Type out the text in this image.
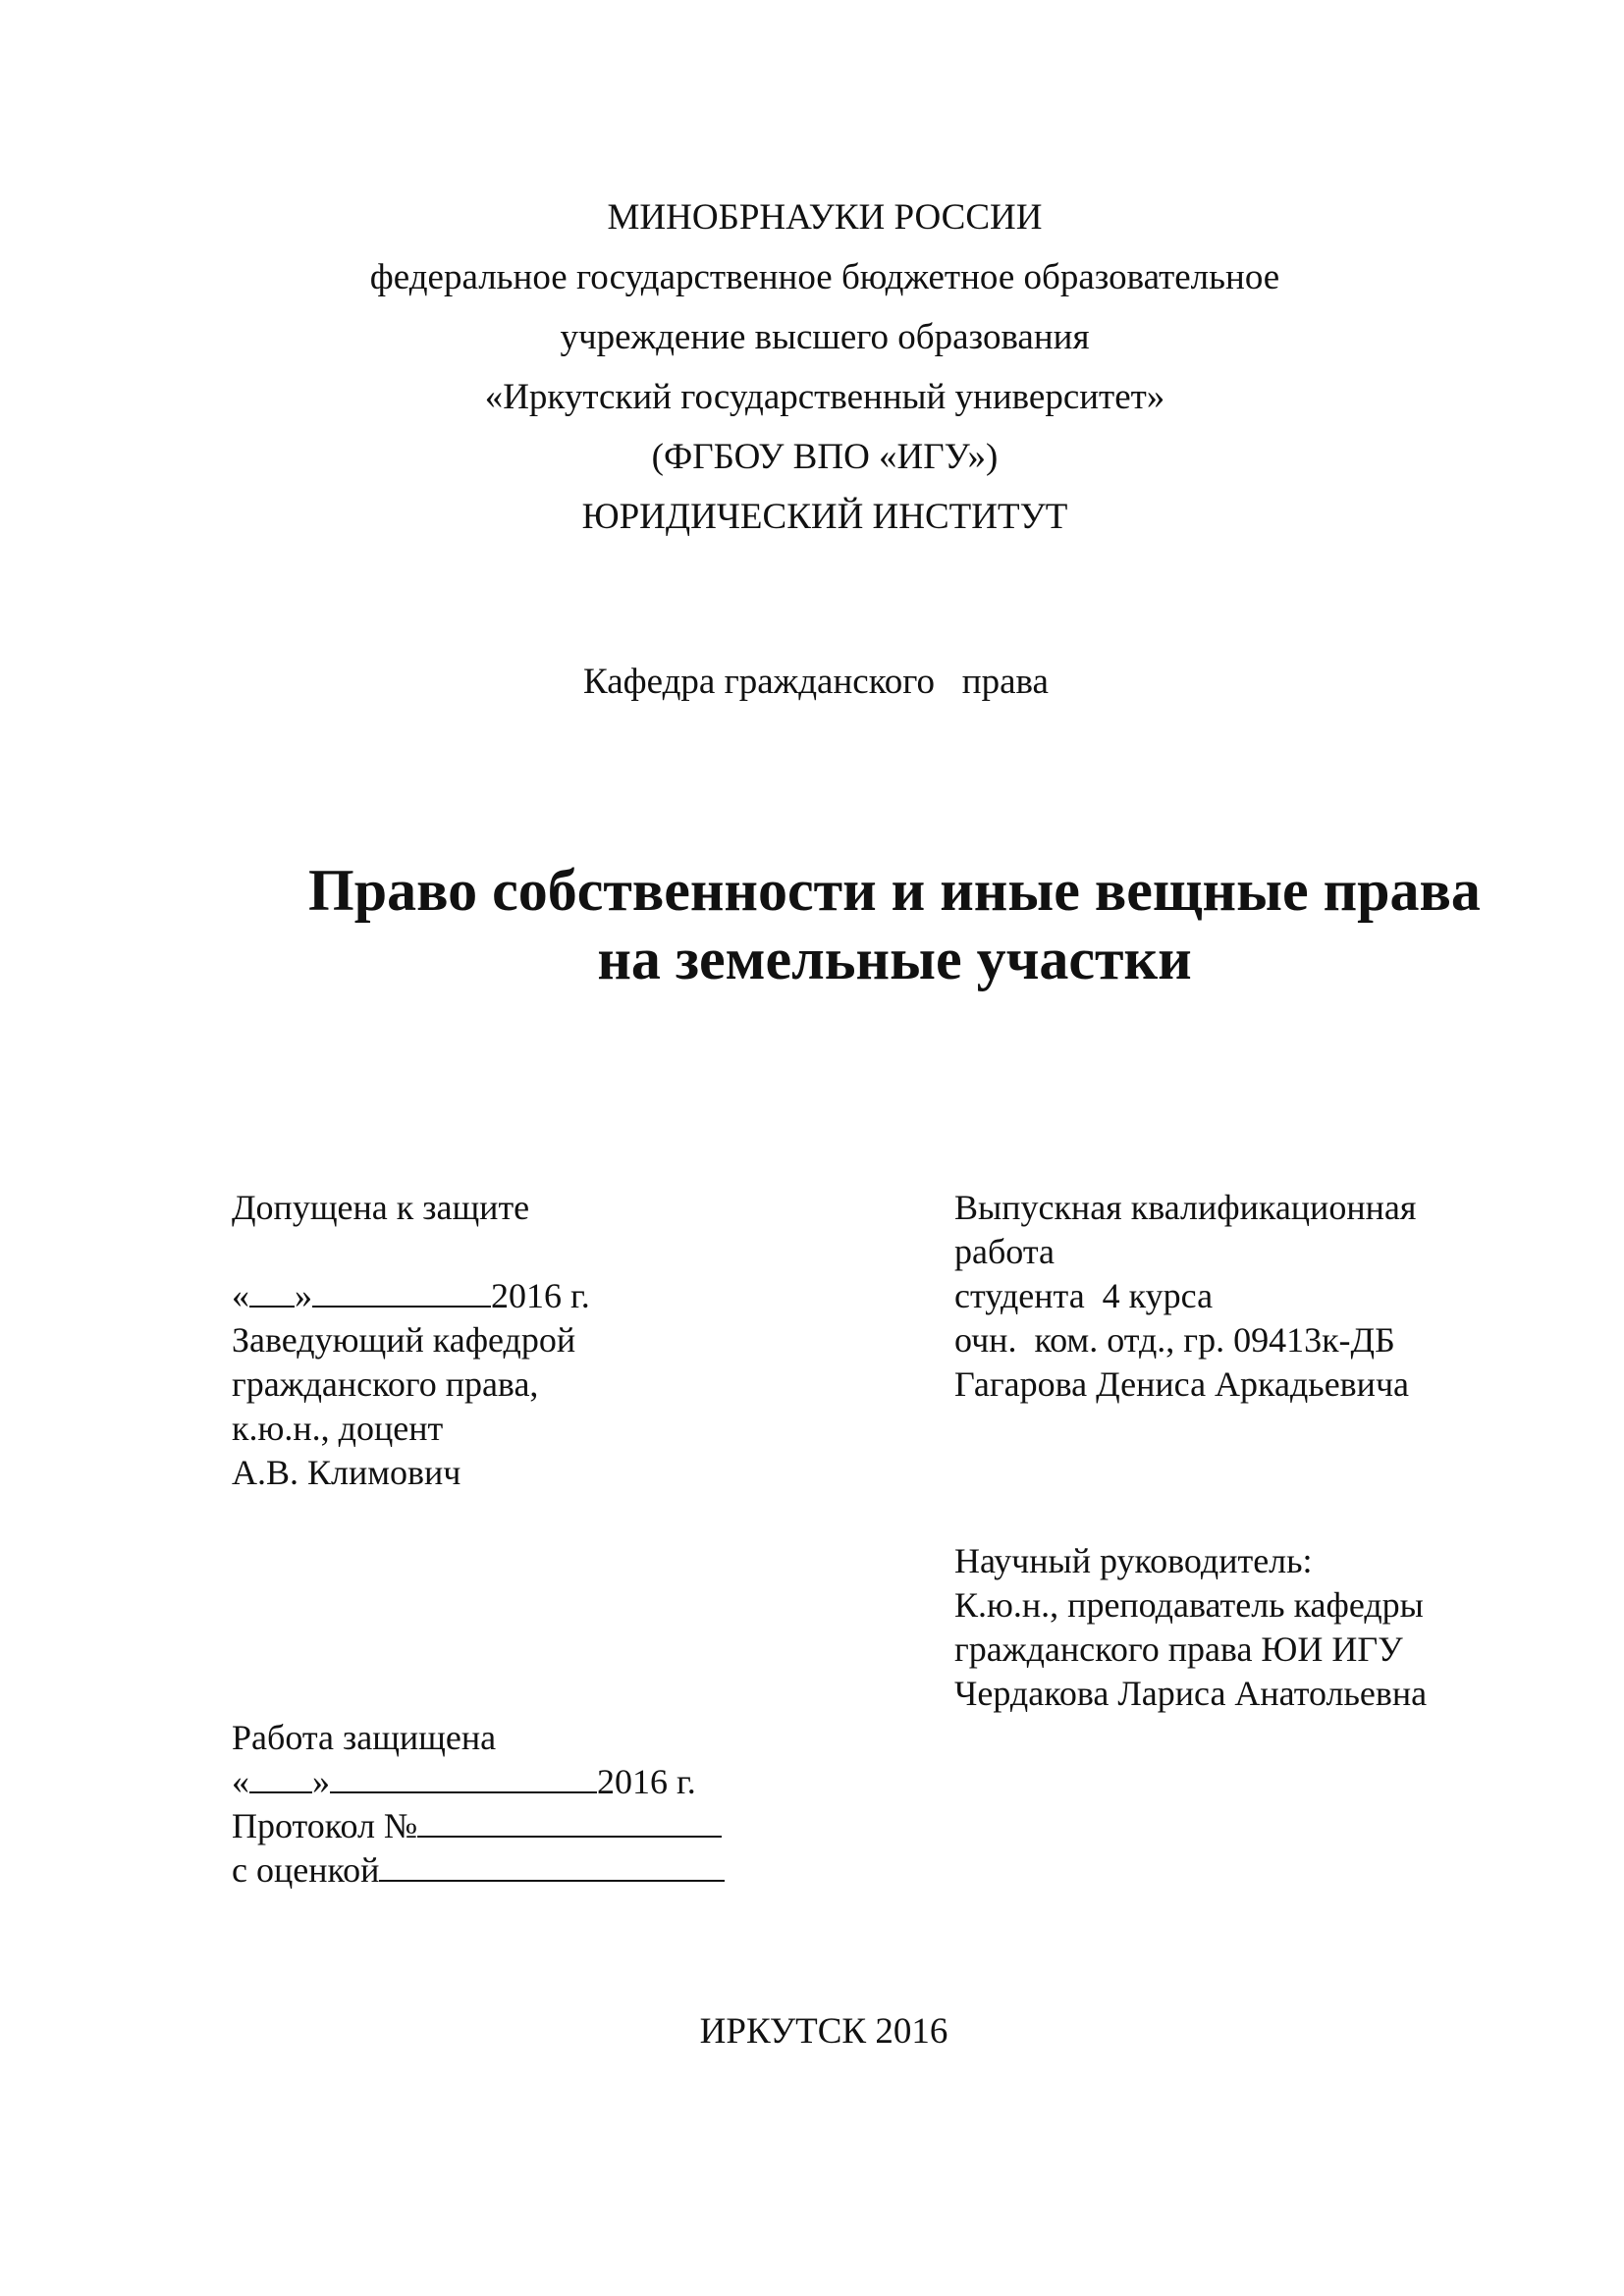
МИНОБРНАУКИ РОССИИ
федеральное государственное бюджетное образовательное
учреждение высшего образования
«Иркутский государственный университет»
(ФГБОУ ВПО «ИГУ»)
ЮРИДИЧЕСКИЙ ИНСТИТУТ
Кафедра гражданского   права
Право собственности и иные вещные права
на земельные участки
Допущена к защите
« »	2016 г.
Заведующий кафедрой
гражданского права,
к.ю.н., доцент
А.В. Климович
Выпускная квалификационная
работа
студента  4 курса
очн.  ком. отд., гр. 09413к-ДБ
Гагарова Дениса Аркадьевича
Научный руководитель:
К.ю.н., преподаватель кафедры
гражданского права ЮИ ИГУ
Чердакова Лариса Анатольевна
Работа защищена
« »	2016 г.
Протокол №
с оценкой
ИРКУТСК 2016
